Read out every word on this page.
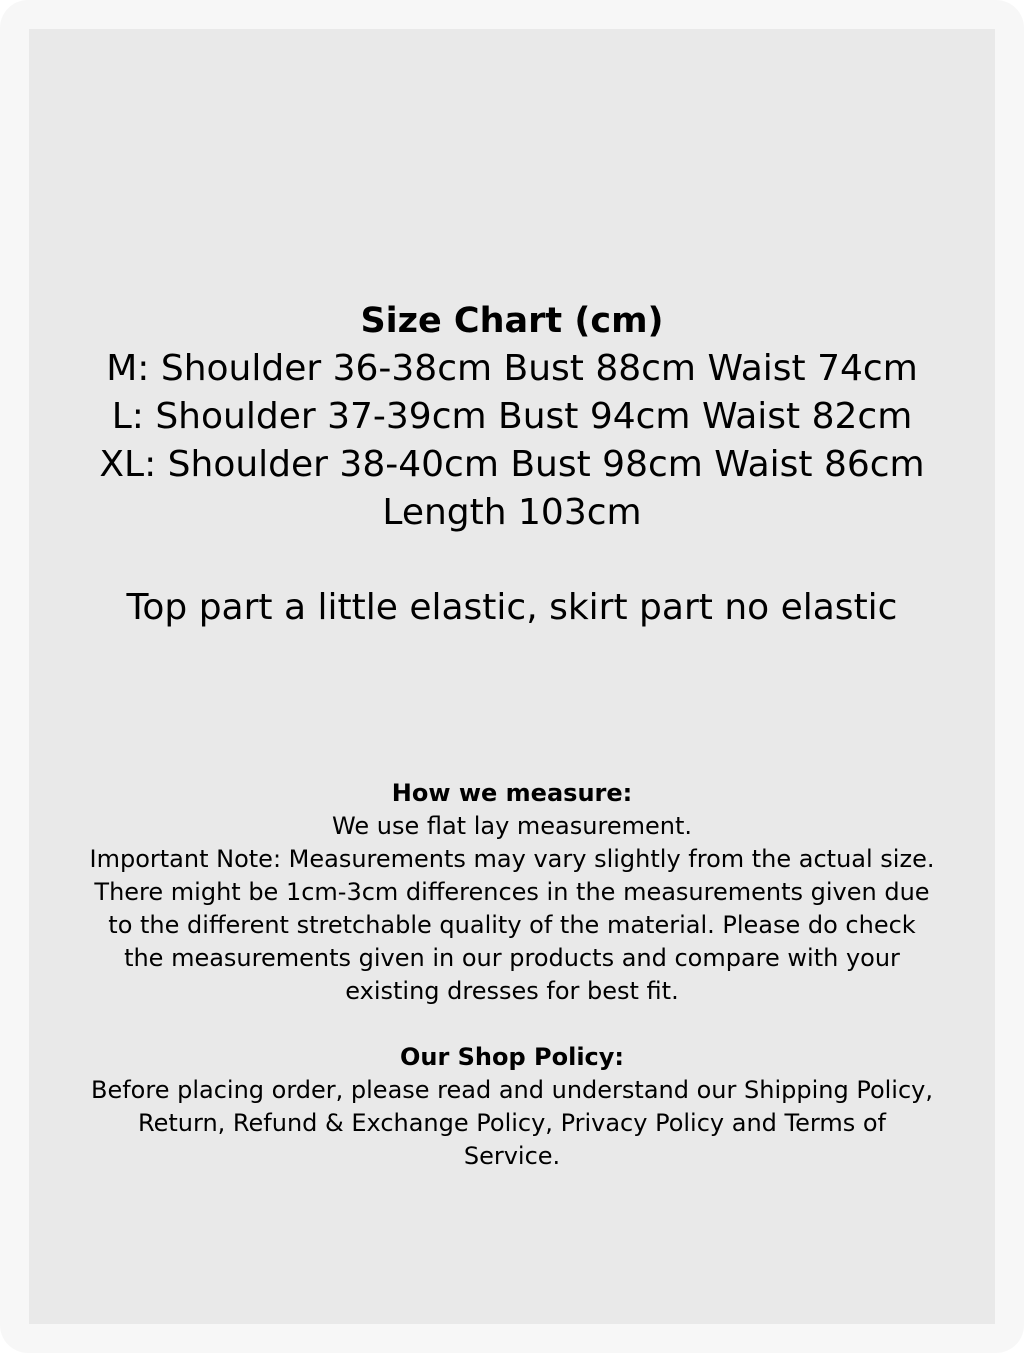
Size Chart (cm)

M: Shoulder 36-38cm Bust 88cm Waist 74cm

L: Shoulder 37-39cm Bust 94cm Waist 82cm

XL: Shoulder 38-40cm Bust 98cm Waist 86cm

Length 103cm

Top part a little elastic, skirt part no elastic

How we measure:

We use flat lay measurement.

Important Note: Measurements may vary slightly from the actual size. There might be 1cm-3cm differences in the measurements given due to the different stretchable quality of the material. Please do check the measurements given in our products and compare with your existing dresses for best fit.

Our Shop Policy:

Before placing order, please read and understand our Shipping Policy, Return, Refund & Exchange Policy, Privacy Policy and Terms of Service.
